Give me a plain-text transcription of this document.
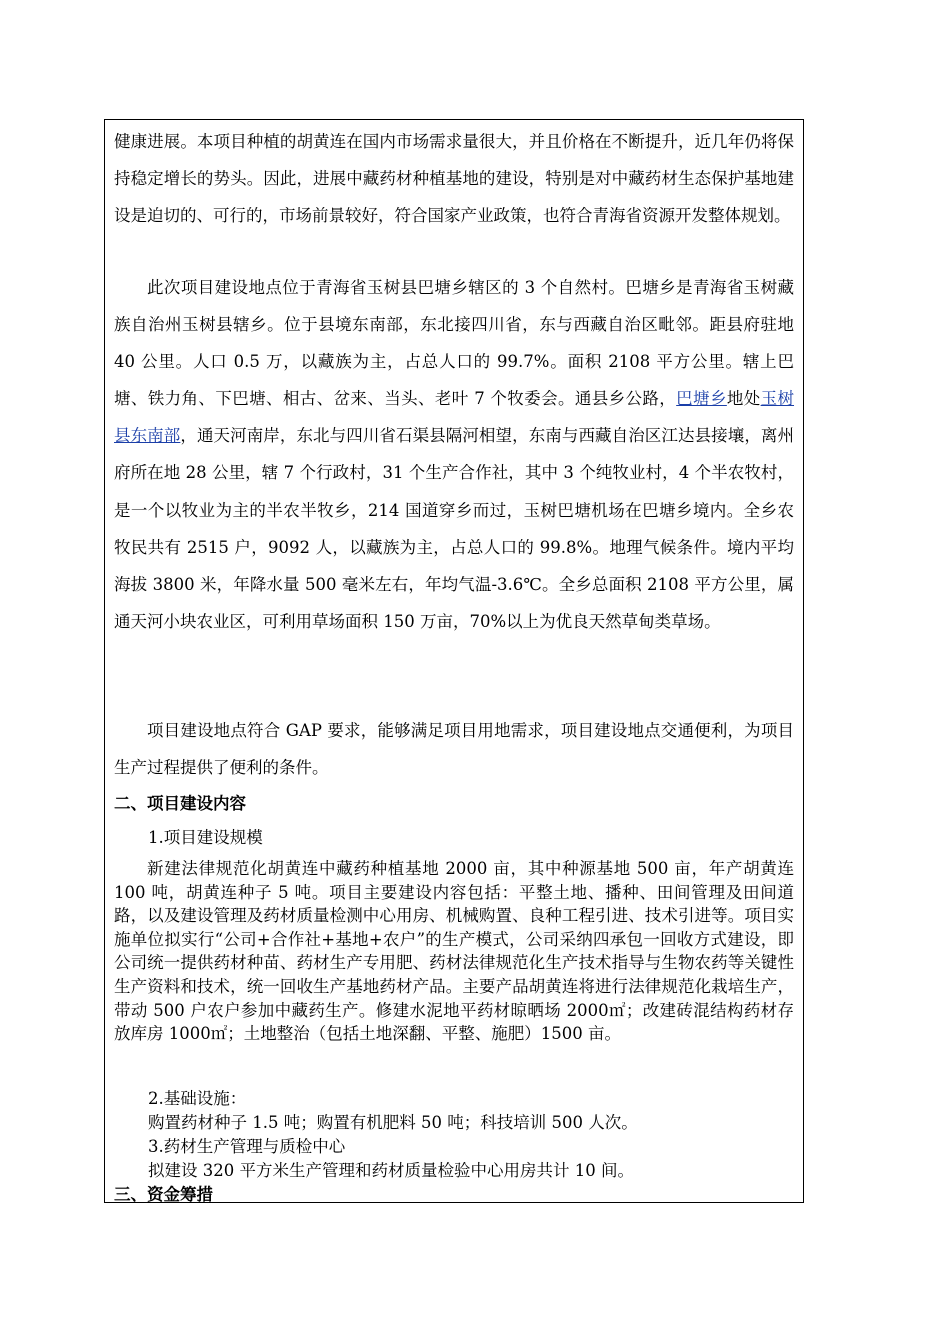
健康进展。本项目种植的胡黄连在国内市场需求量很大，并且价格在不断提升，近几年仍将保持稳定增长的势头。因此，进展中藏药材种植基地的建设，特别是对中藏药材生态保护基地建设是迫切的、可行的，市场前景较好，符合国家产业政策，也符合青海省资源开发整体规划。

此次项目建设地点位于青海省玉树县巴塘乡辖区的 3 个自然村。巴塘乡是青海省玉树藏族自治州玉树县辖乡。位于县境东南部，东北接四川省，东与西藏自治区毗邻。距县府驻地 40 公里。人口 0.5 万，以藏族为主，占总人口的 99.7%。面积 2108 平方公里。辖上巴塘、铁力角、下巴塘、相古、岔来、当头、老叶 7 个牧委会。通县乡公路，巴塘乡地处玉树县东南部，通天河南岸，东北与四川省石渠县隔河相望，东南与西藏自治区江达县接壤，离州府所在地 28 公里，辖 7 个行政村，31 个生产合作社，其中 3 个纯牧业村，4 个半农牧村，是一个以牧业为主的半农半牧乡，214 国道穿乡而过，玉树巴塘机场在巴塘乡境内。全乡农牧民共有 2515 户，9092 人，以藏族为主，占总人口的 99.8%。地理气候条件。境内平均海拔 3800 米，年降水量 500 毫米左右，年均气温-3.6℃。全乡总面积 2108 平方公里，属通天河小块农业区，可利用草场面积 150 万亩，70%以上为优良天然草甸类草场。

项目建设地点符合 GAP 要求，能够满足项目用地需求，项目建设地点交通便利，为项目生产过程提供了便利的条件。

二、项目建设内容
1.项目建设规模

新建法律规范化胡黄连中藏药种植基地 2000 亩，其中种源基地 500 亩，年产胡黄连 100 吨，胡黄连种子 5 吨。项目主要建设内容包括：平整土地、播种、田间管理及田间道路，以及建设管理及药材质量检测中心用房、机械购置、良种工程引进、技术引进等。项目实施单位拟实行“公司+合作社+基地+农户”的生产模式，公司采纳四承包一回收方式建设，即公司统一提供药材种苗、药材生产专用肥、药材法律规范化生产技术指导与生物农药等关键性生产资料和技术，统一回收生产基地药材产品。主要产品胡黄连将进行法律规范化栽培生产，带动 500 户农户参加中藏药生产。修建水泥地平药材晾晒场 2000㎡；改建砖混结构药材存放库房 1000㎡；土地整治（包括土地深翻、平整、施肥）1500 亩。

2.基础设施：
购置药材种子 1.5 吨；购置有机肥料 50 吨；科技培训 500 人次。
3.药材生产管理与质检中心
拟建设 320 平方米生产管理和药材质量检验中心用房共计 10 间。
三、资金筹措
